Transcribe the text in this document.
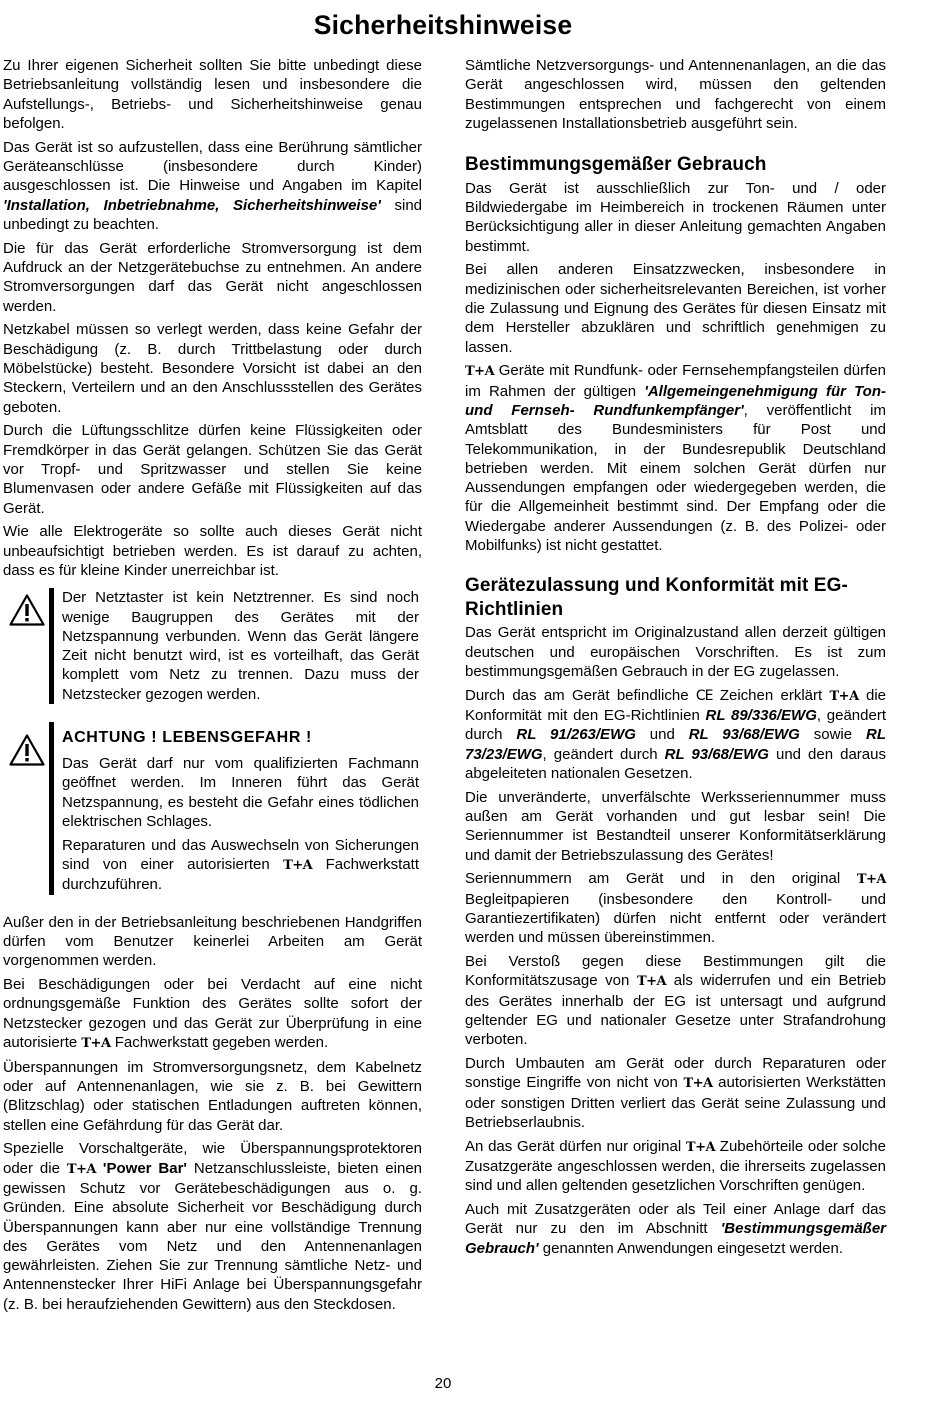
Sicherheitshinweise

Zu Ihrer eigenen Sicherheit sollten Sie bitte unbedingt diese Betriebsanleitung vollständig lesen und insbesondere die Aufstellungs-, Betriebs- und Sicherheitshinweise genau befolgen.

Das Gerät ist so aufzustellen, dass eine Berührung sämtlicher Geräteanschlüsse (insbesondere durch Kinder) ausgeschlossen ist. Die Hinweise und Angaben im Kapitel 'Installation, Inbetriebnahme, Sicherheitshinweise' sind unbedingt zu beachten.

Die für das Gerät erforderliche Stromversorgung ist dem Aufdruck an der Netzgerätebuchse zu entnehmen. An andere Stromversorgungen darf das Gerät nicht angeschlossen werden.

Netzkabel müssen so verlegt werden, dass keine Gefahr der Beschädigung (z. B. durch Trittbelastung oder durch Möbelstücke) besteht. Besondere Vorsicht ist dabei an den Steckern, Verteilern und an den Anschlussstellen des Gerätes geboten.

Durch die Lüftungsschlitze dürfen keine Flüssigkeiten oder Fremdkörper in das Gerät gelangen. Schützen Sie das Gerät vor Tropf- und Spritzwasser und stellen Sie keine Blumenvasen oder andere Gefäße mit Flüssigkeiten auf das Gerät.

Wie alle Elektrogeräte so sollte auch dieses Gerät nicht unbeaufsichtigt betrieben werden. Es ist darauf zu achten, dass es für kleine Kinder unerreichbar ist.

Der Netztaster ist kein Netztrenner. Es sind noch wenige Baugruppen des Gerätes mit der Netzspannung verbunden. Wenn das Gerät längere Zeit nicht benutzt wird, ist es vorteilhaft, das Gerät komplett vom Netz zu trennen. Dazu muss der Netzstecker gezogen werden.

ACHTUNG ! LEBENSGEFAHR !

Das Gerät darf nur vom qualifizierten Fachmann geöffnet werden. Im Inneren führt das Gerät Netzspannung, es besteht die Gefahr eines tödlichen elektrischen Schlages.

Reparaturen und das Auswechseln von Sicherungen sind von einer autorisierten T+A Fachwerkstatt durchzuführen.

Außer den in der Betriebsanleitung beschriebenen Handgriffen dürfen vom Benutzer keinerlei Arbeiten am Gerät vorgenommen werden.

Bei Beschädigungen oder bei Verdacht auf eine nicht ordnungsgemäße Funktion des Gerätes sollte sofort der Netzstecker gezogen und das Gerät zur Überprüfung in eine autorisierte T+A Fachwerkstatt gegeben werden.

Überspannungen im Stromversorgungsnetz, dem Kabelnetz oder auf Antennenanlagen, wie sie z. B. bei Gewittern (Blitzschlag) oder statischen Entladungen auftreten können, stellen eine Gefährdung für das Gerät dar.

Spezielle Vorschaltgeräte, wie Überspannungsprotektoren oder die T+A 'Power Bar' Netzanschlussleiste, bieten einen gewissen Schutz vor Gerätebeschädigungen aus o. g. Gründen. Eine absolute Sicherheit vor Beschädigung durch Überspannungen kann aber nur eine vollständige Trennung des Gerätes vom Netz und den Antennenanlagen gewährleisten. Ziehen Sie zur Trennung sämtliche Netz- und Antennenstecker Ihrer HiFi Anlage bei Überspannungsgefahr (z. B. bei heraufziehenden Gewittern) aus den Steckdosen.

Sämtliche Netzversorgungs- und Antennenanlagen, an die das Gerät angeschlossen wird, müssen den geltenden Bestimmungen entsprechen und fachgerecht von einem zugelassenen Installationsbetrieb ausgeführt sein.

Bestimmungsgemäßer Gebrauch

Das Gerät ist ausschließlich zur Ton- und / oder Bildwiedergabe im Heimbereich in trockenen Räumen unter Berücksichtigung aller in dieser Anleitung gemachten Angaben bestimmt.

Bei allen anderen Einsatzzwecken, insbesondere in medizinischen oder sicherheitsrelevanten Bereichen, ist vorher die Zulassung und Eignung des Gerätes für diesen Einsatz mit dem Hersteller abzuklären und schriftlich genehmigen zu lassen.

T+A Geräte mit Rundfunk- oder Fernsehempfangsteilen dürfen im Rahmen der gültigen 'Allgemeingenehmigung für Ton- und Fernseh- Rundfunkempfänger', veröffentlicht im Amtsblatt des Bundesministers für Post und Telekommunikation, in der Bundesrepublik Deutschland betrieben werden. Mit einem solchen Gerät dürfen nur Aussendungen empfangen oder wiedergegeben werden, die für die Allgemeinheit bestimmt sind. Der Empfang oder die Wiedergabe anderer Aussendungen (z. B. des Polizei- oder Mobilfunks) ist nicht gestattet.

Gerätezulassung und Konformität mit EG-Richtlinien

Das Gerät entspricht im Originalzustand allen derzeit gültigen deutschen und europäischen Vorschriften. Es ist zum bestimmungsgemäßen Gebrauch in der EG zugelassen.

Durch das am Gerät befindliche CE Zeichen erklärt T+A die Konformität mit den EG-Richtlinien RL 89/336/EWG, geändert durch RL 91/263/EWG und RL 93/68/EWG sowie RL 73/23/EWG, geändert durch RL 93/68/EWG und den daraus abgeleiteten nationalen Gesetzen.

Die unveränderte, unverfälschte Werksseriennummer muss außen am Gerät vorhanden und gut lesbar sein! Die Seriennummer ist Bestandteil unserer Konformitätserklärung und damit der Betriebszulassung des Gerätes!

Seriennummern am Gerät und in den original T+A Begleitpapieren (insbesondere den Kontroll- und Garantiezertifikaten) dürfen nicht entfernt oder verändert werden und müssen übereinstimmen.

Bei Verstoß gegen diese Bestimmungen gilt die Konformitätszusage von T+A als widerrufen und ein Betrieb des Gerätes innerhalb der EG ist untersagt und aufgrund geltender EG und nationaler Gesetze unter Strafandrohung verboten.

Durch Umbauten am Gerät oder durch Reparaturen oder sonstige Eingriffe von nicht von T+A autorisierten Werkstätten oder sonstigen Dritten verliert das Gerät seine Zulassung und Betriebserlaubnis.

An das Gerät dürfen nur original T+A Zubehörteile oder solche Zusatzgeräte angeschlossen werden, die ihrerseits zugelassen sind und allen geltenden gesetzlichen Vorschriften genügen.

Auch mit Zusatzgeräten oder als Teil einer Anlage darf das Gerät nur zu den im Abschnitt 'Bestimmungsgemäßer Gebrauch' genannten Anwendungen eingesetzt werden.

20
